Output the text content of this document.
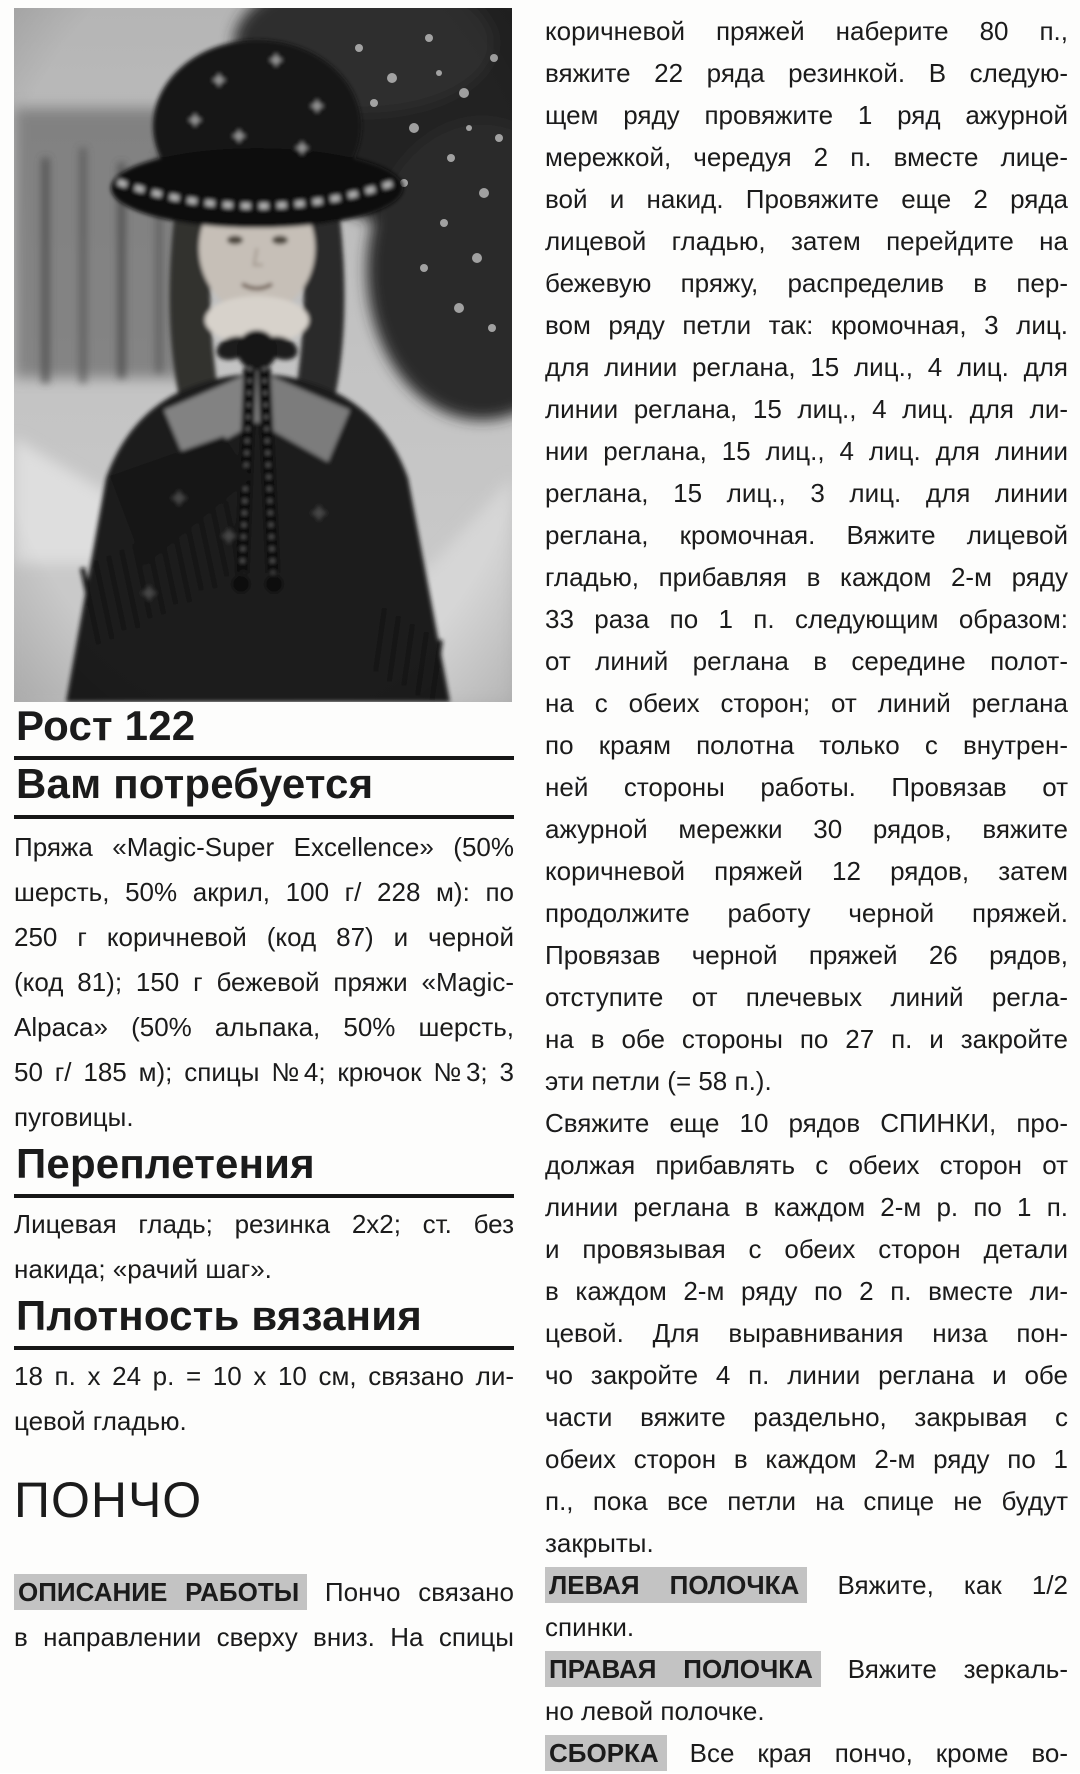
Рост 122
Вам потребуется
Пряжа «Magic-Super Excellence» (50%
шерсть, 50% акрил, 100 г/ 228 м): по
250 г коричневой (код 87) и черной
(код 81); 150 г бежевой пряжи «Magic-
Alpaca» (50% альпака, 50% шерсть,
50 г/ 185 м); спицы №4; крючок №3; 3
пуговицы.
Переплетения
Лицевая гладь; резинка 2х2; ст. без
накида; «рачий шаг».
Плотность вязания
18 п. х 24 р. = 10 х 10 см, связано ли-
цевой гладью.
ПОНЧО
ОПИСАНИЕ РАБОТЫ Пончо связано
в направлении сверху вниз. На спицы
коричневой пряжей наберите 80 п.,
вяжите 22 ряда резинкой. В следую-
щем ряду провяжите 1 ряд ажурной
мережкой, чередуя 2 п. вместе лице-
вой и накид. Провяжите еще 2 ряда
лицевой гладью, затем перейдите на
бежевую пряжу, распределив в пер-
вом ряду петли так: кромочная, 3 лиц.
для линии реглана, 15 лиц., 4 лиц. для
линии реглана, 15 лиц., 4 лиц. для ли-
нии реглана, 15 лиц., 4 лиц. для линии
реглана, 15 лиц., 3 лиц. для линии
реглана, кромочная. Вяжите лицевой
гладью, прибавляя в каждом 2-м ряду
33 раза по 1 п. следующим образом:
от линий реглана в середине полот-
на с обеих сторон; от линий реглана
по краям полотна только с внутрен-
ней стороны работы. Провязав от
ажурной мережки 30 рядов, вяжите
коричневой пряжей 12 рядов, затем
продолжите работу черной пряжей.
Провязав черной пряжей 26 рядов,
отступите от плечевых линий регла-
на в обе стороны по 27 п. и закройте
эти петли (= 58 п.).
Свяжите еще 10 рядов СПИНКИ, про-
должая прибавлять с обеих сторон от
линии реглана в каждом 2-м р. по 1 п.
и провязывая с обеих сторон детали
в каждом 2-м ряду по 2 п. вместе ли-
цевой. Для выравнивания низа пон-
чо закройте 4 п. линии реглана и обе
части вяжите раздельно, закрывая с
обеих сторон в каждом 2-м ряду по 1
п., пока все петли на спице не будут
закрыты.
ЛЕВАЯ ПОЛОЧКА Вяжите, как 1/2
спинки.
ПРАВАЯ ПОЛОЧКА Вяжите зеркаль-
но левой полочке.
СБОРКА Все края пончо, кроме во-
